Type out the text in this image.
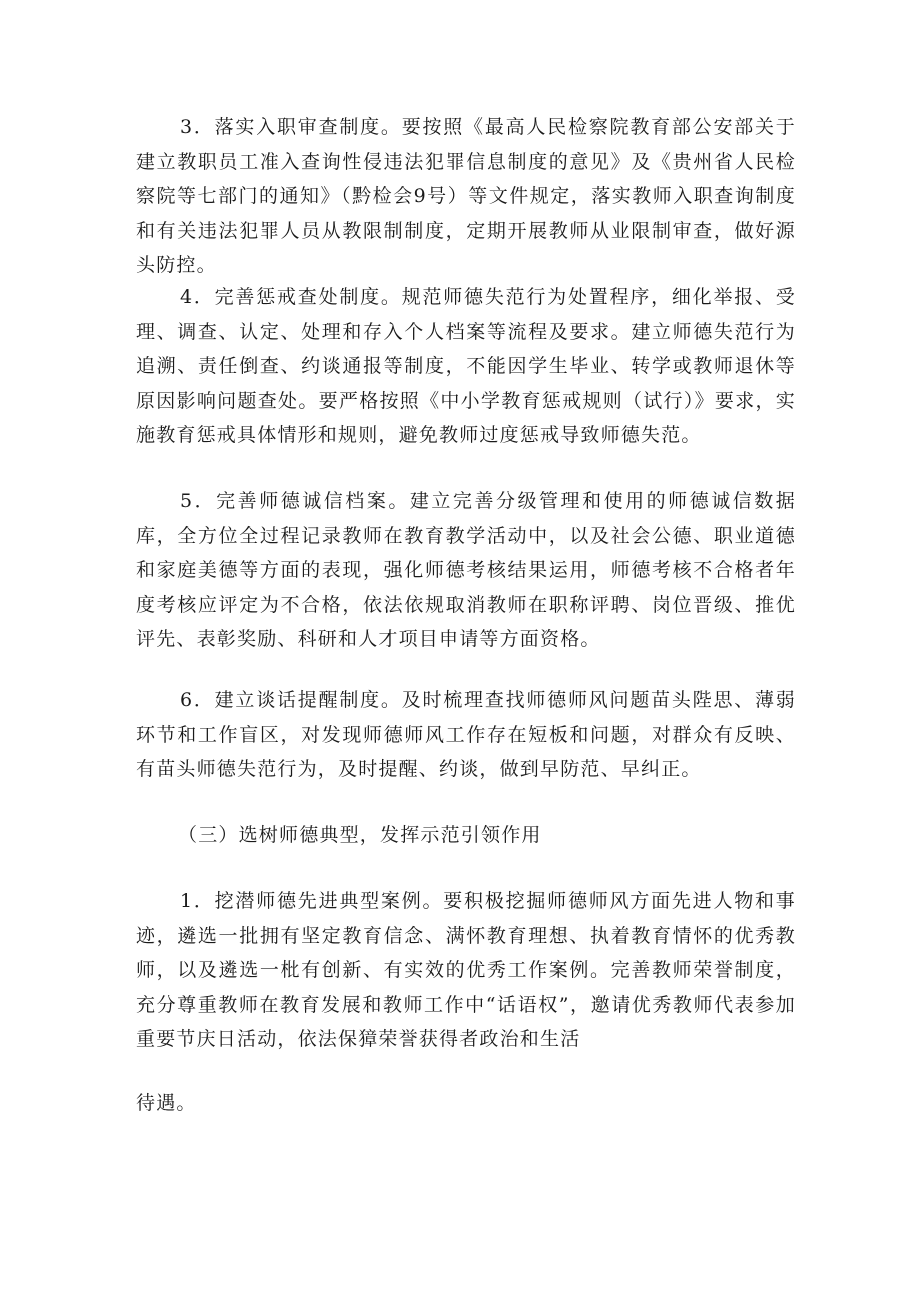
3．落实入职审查制度。要按照《最高人民检察院教育部公安部关于建立教职员工准入查询性侵违法犯罪信息制度的意见》及《贵州省人民检察院等七部门的通知》（黔检会9号）等文件规定，落实教师入职查询制度和有关违法犯罪人员从教限制制度，定期开展教师从业限制审查，做好源头防控。

4．完善惩戒查处制度。规范师德失范行为处置程序，细化举报、受理、调查、认定、处理和存入个人档案等流程及要求。建立师德失范行为追溯、责任倒查、约谈通报等制度，不能因学生毕业、转学或教师退休等原因影响问题查处。要严格按照《中小学教育惩戒规则（试行）》要求，实施教育惩戒具体情形和规则，避免教师过度惩戒导致师德失范。

5．完善师德诚信档案。建立完善分级管理和使用的师德诚信数据库，全方位全过程记录教师在教育教学活动中，以及社会公德、职业道德和家庭美德等方面的表现，强化师德考核结果运用，师德考核不合格者年度考核应评定为不合格，依法依规取消教师在职称评聘、岗位晋级、推优评先、表彰奖励、科研和人才项目申请等方面资格。

6．建立谈话提醒制度。及时梳理查找师德师风问题苗头陛思、薄弱环节和工作盲区，对发现师德师风工作存在短板和问题，对群众有反映、有苗头师德失范行为，及时提醒、约谈，做到早防范、早纠正。

（三）选树师德典型，发挥示范引领作用

1．挖潜师德先进典型案例。要积极挖掘师德师风方面先进人物和事迹，遴选一批拥有坚定教育信念、满怀教育理想、执着教育情怀的优秀教师，以及遴选一枇有创新、有实效的优秀工作案例。完善教师荣誉制度，充分尊重教师在教育发展和教师工作中“话语权”，邀请优秀教师代表参加重要节庆日活动，依法保獐荣誉获得者政治和生活

待遇。
